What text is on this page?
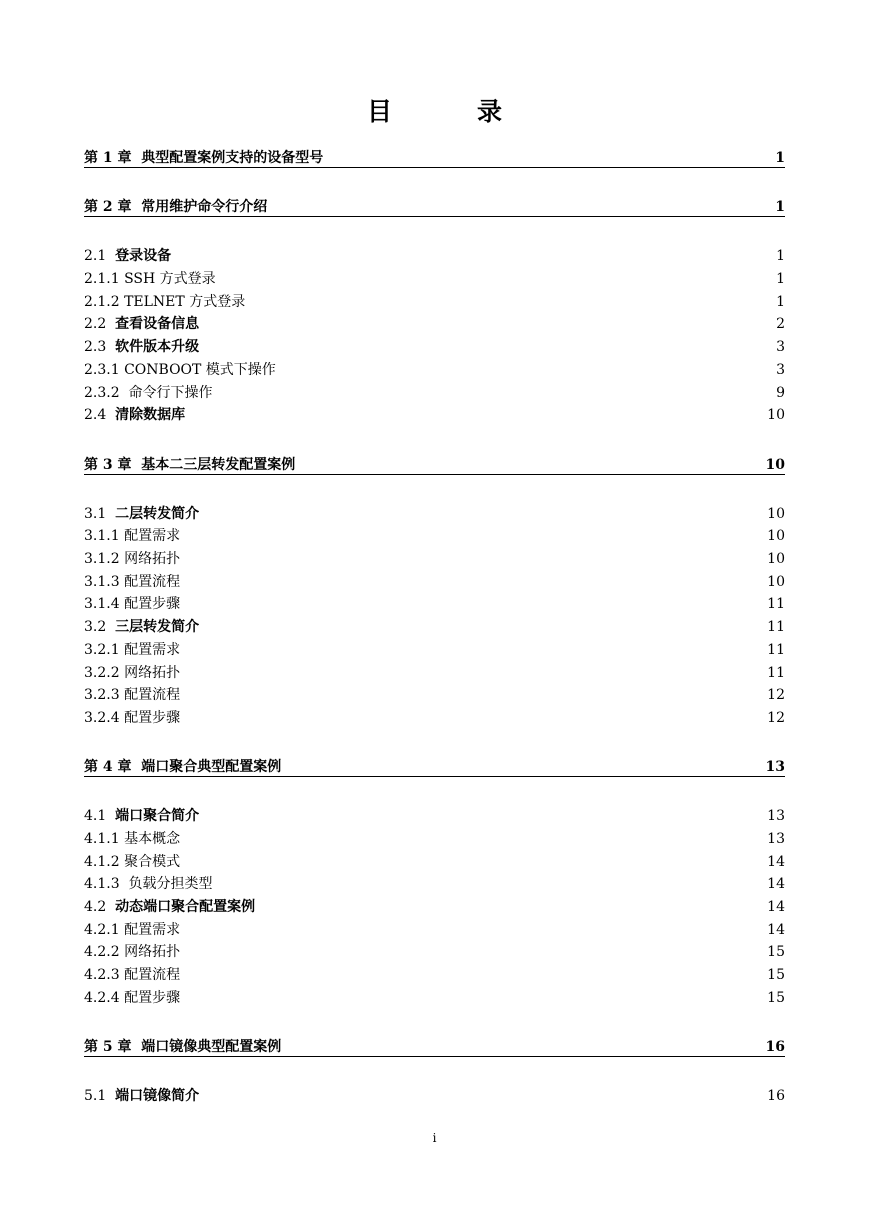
目　录
第 1 章 典型配置案例支持的设备型号	1
第 2 章 常用维护命令行介绍	1
2.1 登录设备	1
2.1.1 SSH 方式登录	1
2.1.2 TELNET 方式登录	1
2.2 查看设备信息	2
2.3 软件版本升级	3
2.3.1 CONBOOT 模式下操作	3
2.3.2 命令行下操作	9
2.4 清除数据库	10
第 3 章 基本二三层转发配置案例	10
3.1 二层转发简介	10
3.1.1 配置需求	10
3.1.2 网络拓扑	10
3.1.3 配置流程	10
3.1.4 配置步骤	11
3.2 三层转发简介	11
3.2.1 配置需求	11
3.2.2 网络拓扑	11
3.2.3 配置流程	12
3.2.4 配置步骤	12
第 4 章 端口聚合典型配置案例	13
4.1 端口聚合简介	13
4.1.1 基本概念	13
4.1.2 聚合模式	14
4.1.3 负载分担类型	14
4.2 动态端口聚合配置案例	14
4.2.1 配置需求	14
4.2.2 网络拓扑	15
4.2.3 配置流程	15
4.2.4 配置步骤	15
第 5 章 端口镜像典型配置案例	16
5.1 端口镜像简介	16
i
